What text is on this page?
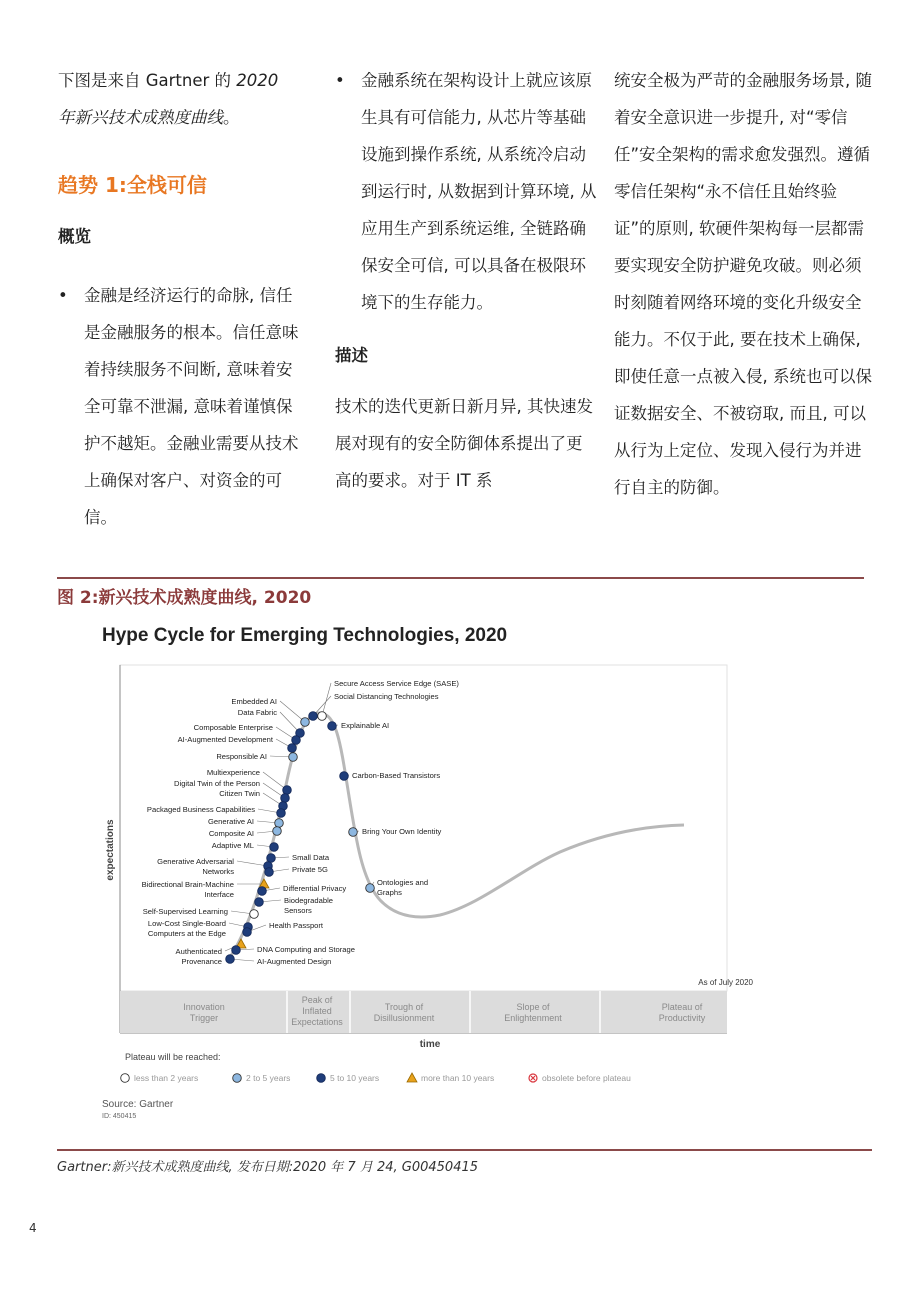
下图是来自 Gartner 的 2020
年新兴技术成熟度曲线。
趋势 1:全栈可信
概览
• 金融是经济运行的命脉, 信任是金融服务的根本。信任意味着持续服务不间断, 意味着安全可靠不泄漏, 意味着谨慎保护不越矩。金融业需要从技术上确保对客户、对资金的可信。
• 金融系统在架构设计上就应该原生具有可信能力, 从芯片等基础设施到操作系统, 从系统冷启动到运行时, 从数据到计算环境, 从应用生产到系统运维, 全链路确保安全可信, 可以具备在极限环境下的生存能力。
描述
技术的迭代更新日新月异, 其快速发展对现有的安全防御体系提出了更高的要求。对于 IT 系
统安全极为严苛的金融服务场景, 随着安全意识进一步提升, 对“零信任”安全架构的需求愈发强烈。遵循零信任架构“永不信任且始终验证”的原则, 软硬件架构每一层都需要实现安全防护避免攻破。则必须时刻随着网络环境的变化升级安全能力。不仅于此, 要在技术上确保, 即使任意一点被入侵, 系统也可以保证数据安全、不被窃取, 而且, 可以从行为上定位、发现入侵行为并进行自主的防御。
图 2:新兴技术成熟度曲线, 2020
Hype Cycle for Emerging Technologies, 2020
Innovation Trigger
Peak of Inflated Expectations
Trough of Disillusionment
Slope of Enlightenment
Plateau of Productivity
Secure Access Service Edge (SASE)
Social Distancing Technologies
Embedded AI
Data Fabric
Explainable AI
Composable Enterprise
AI-Augmented Development
Responsible AI
Carbon-Based Transistors
Multiexperience
Digital Twin of the Person
Citizen Twin
Packaged Business Capabilities
Bring Your Own Identity
Generative AI
Composite AI
Adaptive ML
Small Data
Generative Adversarial Networks	Private 5G
Ontologies and Graphs
Bidirectional Brain-Machine Interface
Differential Privacy
Biodegradable Sensors
Self-Supervised Learning
Low-Cost Single-Board Computers at the Edge
Health Passport
Authenticated Provenance
DNA Computing and Storage
AI-Augmented Design
expectations
time
As of July 2020
Plateau will be reached:
less than 2 years	2 to 5 years	5 to 10 years	more than 10 years	obsolete before plateau
Source: Gartner
ID: 450415
Gartner:新兴技术成熟度曲线, 发布日期:2020 年 7 月 24, G00450415
4
